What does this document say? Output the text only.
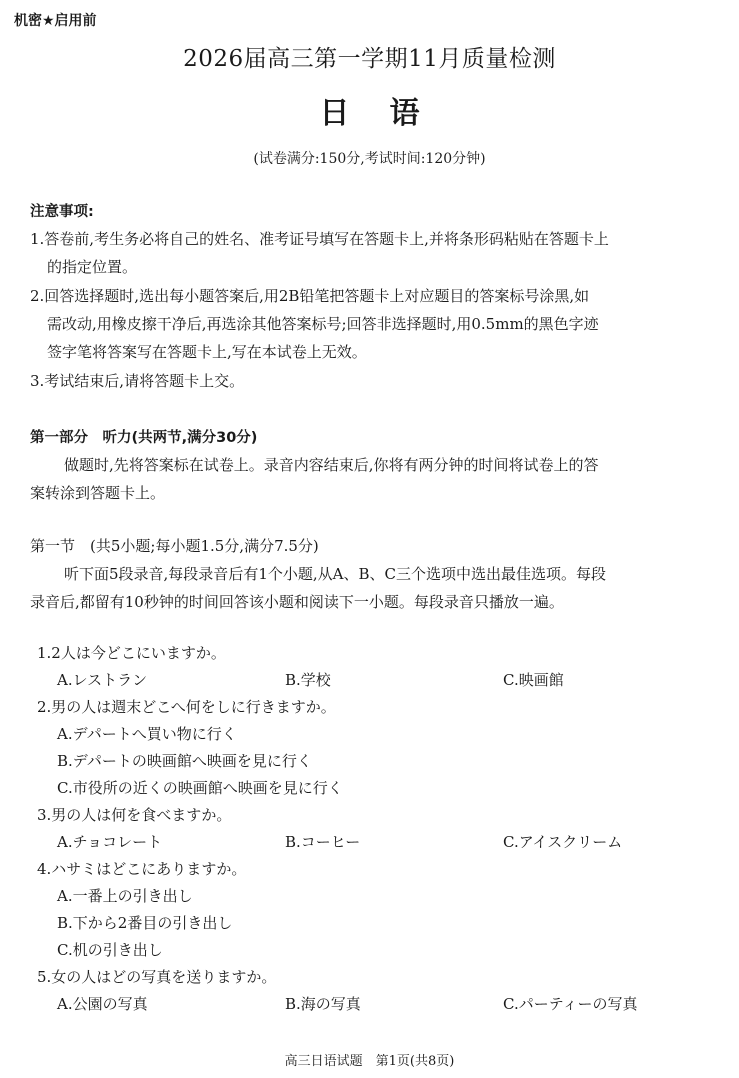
机密★启用前
2026届高三第一学期11月质量检测
日语
(试卷满分:150分,考试时间:120分钟)
注意事项:
1.答卷前,考生务必将自己的姓名、准考证号填写在答题卡上,并将条形码粘贴在答题卡上
的指定位置。
2.回答选择题时,选出每小题答案后,用2B铅笔把答题卡上对应题目的答案标号涂黑,如
需改动,用橡皮擦干净后,再选涂其他答案标号;回答非选择题时,用0.5mm的黑色字迹
签字笔将答案写在答题卡上,写在本试卷上无效。
3.考试结束后,请将答题卡上交。
第一部分　听力(共两节,满分30分)
做题时,先将答案标在试卷上。录音内容结束后,你将有两分钟的时间将试卷上的答
案转涂到答题卡上。
第一节　(共5小题;每小题1.5分,满分7.5分)
听下面5段录音,每段录音后有1个小题,从A、B、C三个选项中选出最佳选项。每段
录音后,都留有10秒钟的时间回答该小题和阅读下一小题。每段录音只播放一遍。
1.2人は今どこにいますか。
A.レストラン	B.学校	C.映画館
2.男の人は週末どこへ何をしに行きますか。
A.デパートへ買い物に行く
B.デパートの映画館へ映画を見に行く
C.市役所の近くの映画館へ映画を見に行く
3.男の人は何を食べますか。
A.チョコレート	B.コーヒー	C.アイスクリーム
4.ハサミはどこにありますか。
A.一番上の引き出し
B.下から2番目の引き出し
C.机の引き出し
5.女の人はどの写真を送りますか。
A.公園の写真	B.海の写真	C.パーティーの写真
高三日语试题　第1页(共8页)
